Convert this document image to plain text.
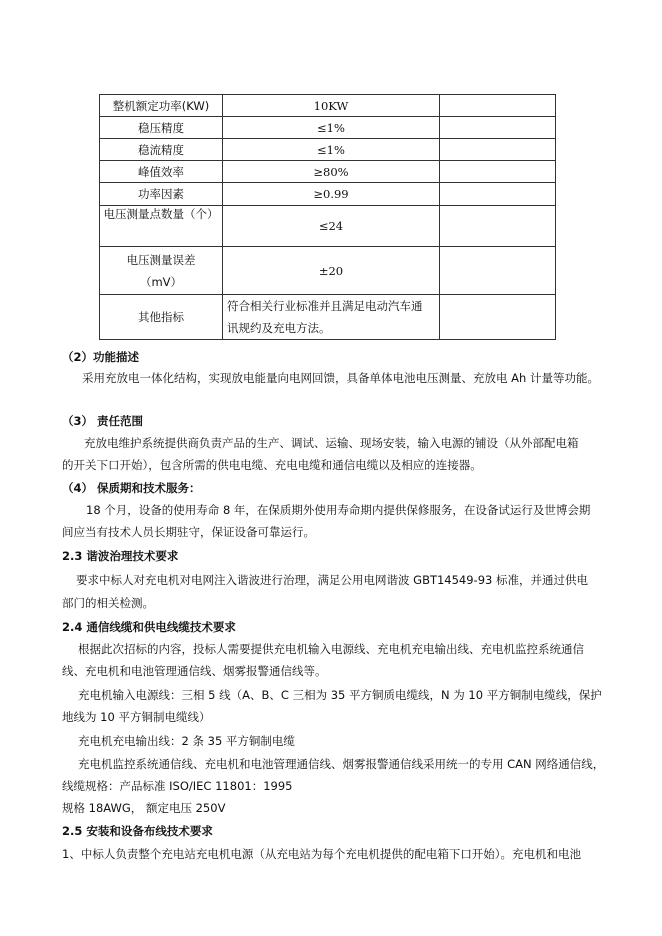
整机额定功率(KW)	10KW	
稳压精度	≤1%	
稳流精度	≤1%	
峰值效率	≥80%	
功率因素	≥0.99	
电压测量点数量（个）	≤24	

电压测量误差
（mV）	±20	
其他指标	符合相关行业标准并且满足电动汽车通
讯规约及充电方法。	

（2）功能描述
采用充放电一体化结构，实现放电能量向电网回馈，具备单体电池电压测量、充放电 Ah 计量等功能。
（3） 责任范围
充放电维护系统提供商负责产品的生产、调试、运输、现场安装，输入电源的铺设（从外部配电箱
的开关下口开始），包含所需的供电电缆、充电电缆和通信电缆以及相应的连接器。
（4） 保质期和技术服务：
18 个月，设备的使用寿命 8 年，在保质期外使用寿命期内提供保修服务，在设备试运行及世博会期
间应当有技术人员长期驻守，保证设备可靠运行。
2.3 谐波治理技术要求
要求中标人对充电机对电网注入谐波进行治理，满足公用电网谐波 GBT14549-93 标准，并通过供电
部门的相关检测。
2.4 通信线缆和供电线缆技术要求
根据此次招标的内容，投标人需要提供充电机输入电源线、充电机充电输出线、充电机监控系统通信
线、充电机和电池管理通信线、烟雾报警通信线等。
充电机输入电源线：三相 5 线（A、B、C 三相为 35 平方铜质电缆线，N 为 10 平方铜制电缆线，保护
地线为 10 平方铜制电缆线）
充电机充电输出线：2 条 35 平方铜制电缆
充电机监控系统通信线、充电机和电池管理通信线、烟雾报警通信线采用统一的专用 CAN 网络通信线，
线缆规格：产品标准 ISO/IEC 11801：1995
规格 18AWG， 额定电压 250V
2.5 安装和设备布线技术要求
1、中标人负责整个充电站充电机电源（从充电站为每个充电机提供的配电箱下口开始）。充电机和电池
